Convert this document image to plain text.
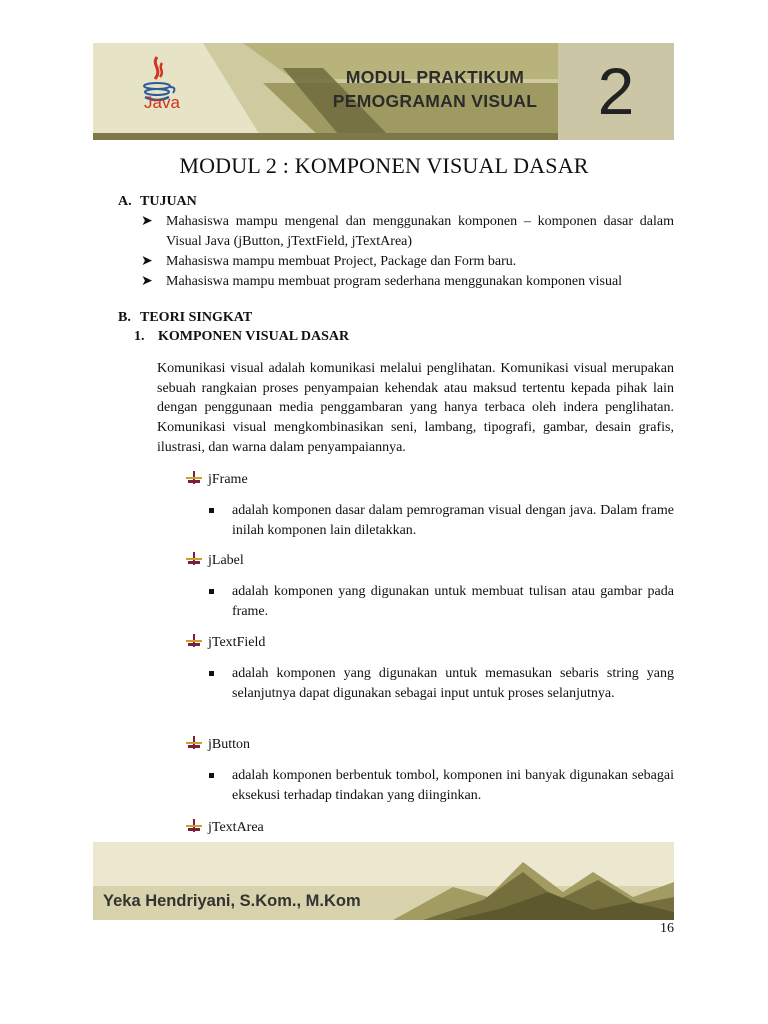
Java
MODUL PRAKTIKUM
PEMOGRAMAN VISUAL 2
MODUL 2 : KOMPONEN VISUAL DASAR
A. TUJUAN
➤ Mahasiswa mampu mengenal dan menggunakan komponen – komponen dasar dalam Visual Java (jButton, jTextField, jTextArea)
➤ Mahasiswa mampu membuat Project, Package dan Form baru.
➤ Mahasiswa mampu membuat program sederhana menggunakan komponen visual
B. TEORI SINGKAT
1. KOMPONEN VISUAL DASAR
Komunikasi visual adalah komunikasi melalui penglihatan. Komunikasi visual merupakan sebuah rangkaian proses penyampaian kehendak atau maksud tertentu kepada pihak lain dengan penggunaan media penggambaran yang hanya terbaca oleh indera penglihatan. Komunikasi visual mengkombinasikan seni, lambang, tipografi, gambar, desain grafis, ilustrasi, dan warna dalam penyampaiannya.
jFrame
adalah komponen dasar dalam pemrograman visual dengan java. Dalam frame inilah komponen lain diletakkan.
jLabel
adalah komponen yang digunakan untuk membuat tulisan atau gambar pada frame.
jTextField
adalah komponen yang digunakan untuk memasukan sebaris string yang selanjutnya dapat digunakan sebagai input untuk proses selanjutnya.
jButton
adalah komponen berbentuk tombol, komponen ini banyak digunakan sebagai eksekusi terhadap tindakan yang diinginkan.
jTextArea
Yeka Hendriyani, S.Kom., M.Kom
16
